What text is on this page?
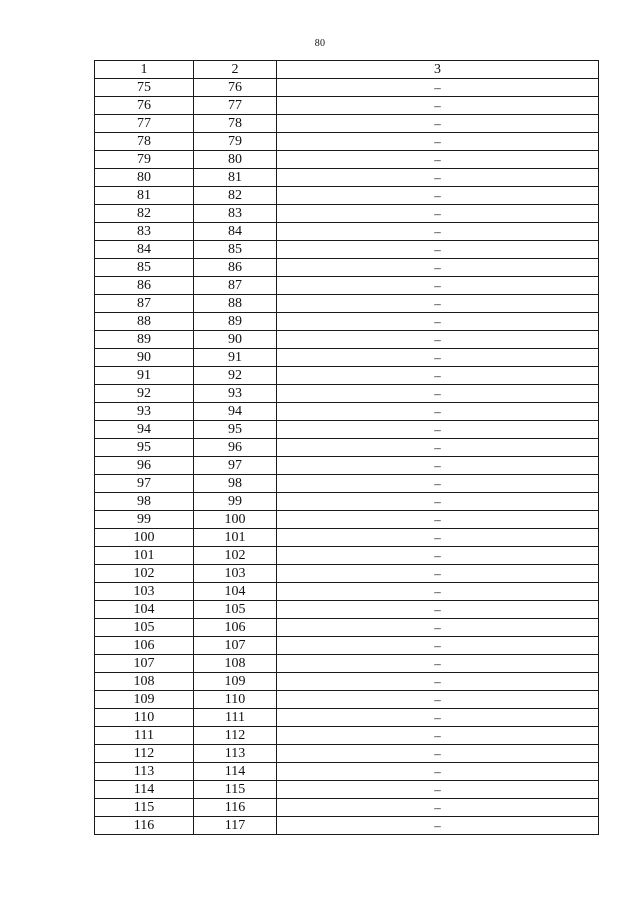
80
1	2	3
75	76	–
76	77	–
77	78	–
78	79	–
79	80	–
80	81	–
81	82	–
82	83	–
83	84	–
84	85	–
85	86	–
86	87	–
87	88	–
88	89	–
89	90	–
90	91	–
91	92	–
92	93	–
93	94	–
94	95	–
95	96	–
96	97	–
97	98	–
98	99	–
99	100	–
100	101	–
101	102	–
102	103	–
103	104	–
104	105	–
105	106	–
106	107	–
107	108	–
108	109	–
109	110	–
110	111	–
111	112	–
112	113	–
113	114	–
114	115	–
115	116	–
116	117	–
